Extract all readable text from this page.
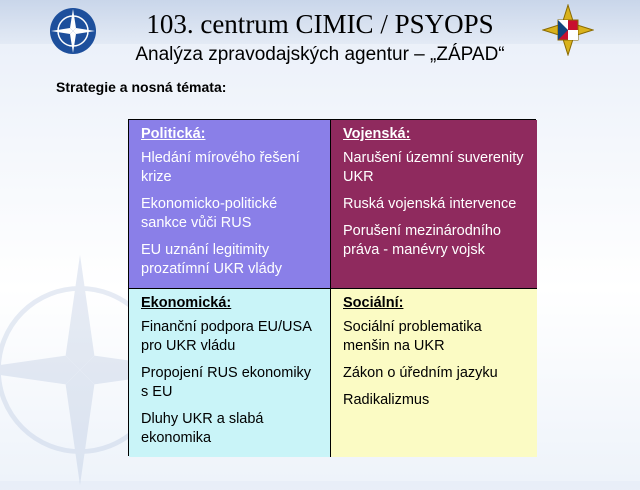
103. centrum CIMIC / PSYOPS
Analýza zpravodajských agentur – „ZÁPAD“
Strategie a nosná témata:
Politická:
Hledání mírového řešení krize
Ekonomicko-politické sankce vůči RUS
EU uznání legitimity prozatímní UKR vlády
Vojenská:
Narušení územní suverenity UKR
Ruská vojenská intervence
Porušení mezinárodního práva - manévry vojsk
Ekonomická:
Finanční podpora EU/USA pro UKR vládu
Propojení RUS ekonomiky s EU
Dluhy UKR a slabá ekonomika
Sociální:
Sociální problematika menšin na UKR
Zákon o úředním jazyku
Radikalizmus
